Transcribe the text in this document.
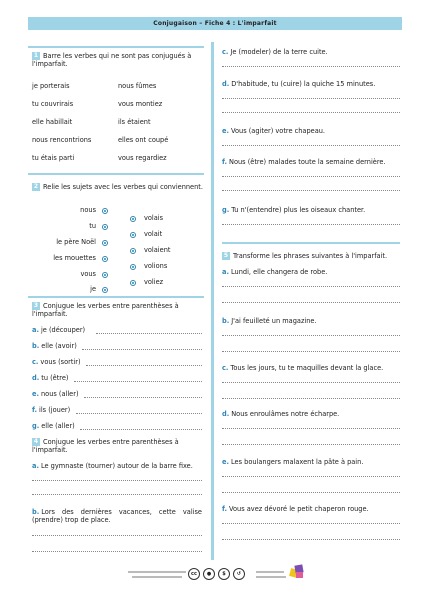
Conjugaison – Fiche 4 : L'imparfait
1 Barre les verbes qui ne sont pas conjugués à l'imparfait.
je porterais
tu couvrirais
elle habillait
nous rencontrions
tu étais parti
nous fûmes
vous montiez
ils étaient
elles ont coupé
vous regardiez
2 Relie les sujets avec les verbes qui conviennent.
nous
tu
le père Noël
les mouettes
vous
je
volais
volait
volaient
volions
voliez
3 Conjugue les verbes entre parenthèses à l'imparfait.
a. je (découper)
b. elle (avoir)
c. vous (sortir)
d. tu (être)
e. nous (aller)
f. ils (jouer)
g. elle (aller)
4 Conjugue les verbes entre parenthèses à l'imparfait.
a. Le gymnaste (tourner) autour de la barre fixe.
b. Lors des dernières vacances, cette valise (prendre) trop de place.
c. Je (modeler) de la terre cuite.
d. D'habitude, tu (cuire) la quiche 15 minutes.
e. Vous (agiter) votre chapeau.
f. Nous (être) malades toute la semaine dernière.
g. Tu n'(entendre) plus les oiseaux chanter.
5 Transforme les phrases suivantes à l'imparfait.
a. Lundi, elle changera de robe.
b. J'ai feuilleté un magazine.
c. Tous les jours, tu te maquilles devant la glace.
d. Nous enroulâmes notre écharpe.
e. Les boulangers malaxent la pâte à pain.
f. Vous avez dévoré le petit chaperon rouge.
cc	●	$	↺
